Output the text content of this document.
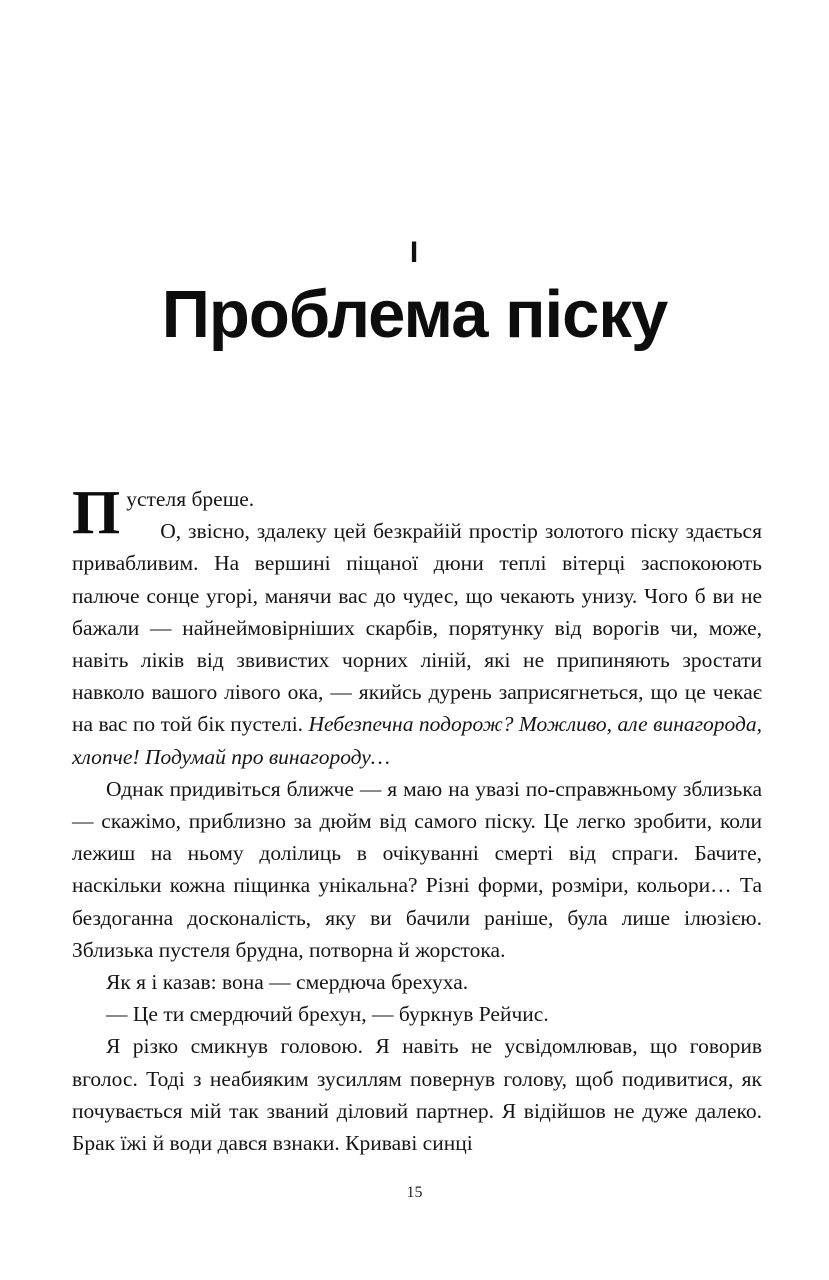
I
Проблема піску

Пустеля бреше.

О, звісно, здалеку цей безкрайій простір золотого піску здається привабливим. На вершині піщаної дюни теплі вітерці заспокоюють палюче сонце угорі, манячи вас до чудес, що чекають унизу. Чого б ви не бажали — найнеймовірніших скарбів, порятунку від ворогів чи, може, навіть ліків від звивистих чорних ліній, які не припиняють зростати навколо вашого лівого ока, — якийсь дурень заприсягнеться, що це чекає на вас по той бік пустелі. Небезпечна подорож? Можливо, але винагорода, хлопче! Подумай про винагороду…

Однак придивіться ближче — я маю на увазі по-справжньому зблизька — скажімо, приблизно за дюйм від самого піску. Це легко зробити, коли лежиш на ньому долілиць в очікуванні смерті від спраги. Бачите, наскільки кожна піщинка унікальна? Різні форми, розміри, кольори… Та бездоганна досконалість, яку ви бачили раніше, була лише ілюзією. Зблизька пустеля брудна, потворна й жорстока.

Як я і казав: вона — смердюча брехуха.

— Це ти смердючий брехун, — буркнув Рейчис.

Я різко смикнув головою. Я навіть не усвідомлював, що говорив вголос. Тоді з неабияким зусиллям повернув голову, щоб подивитися, як почувається мій так званий діловий партнер. Я відійшов не дуже далеко. Брак їжі й води дався взнаки. Криваві синці

15
